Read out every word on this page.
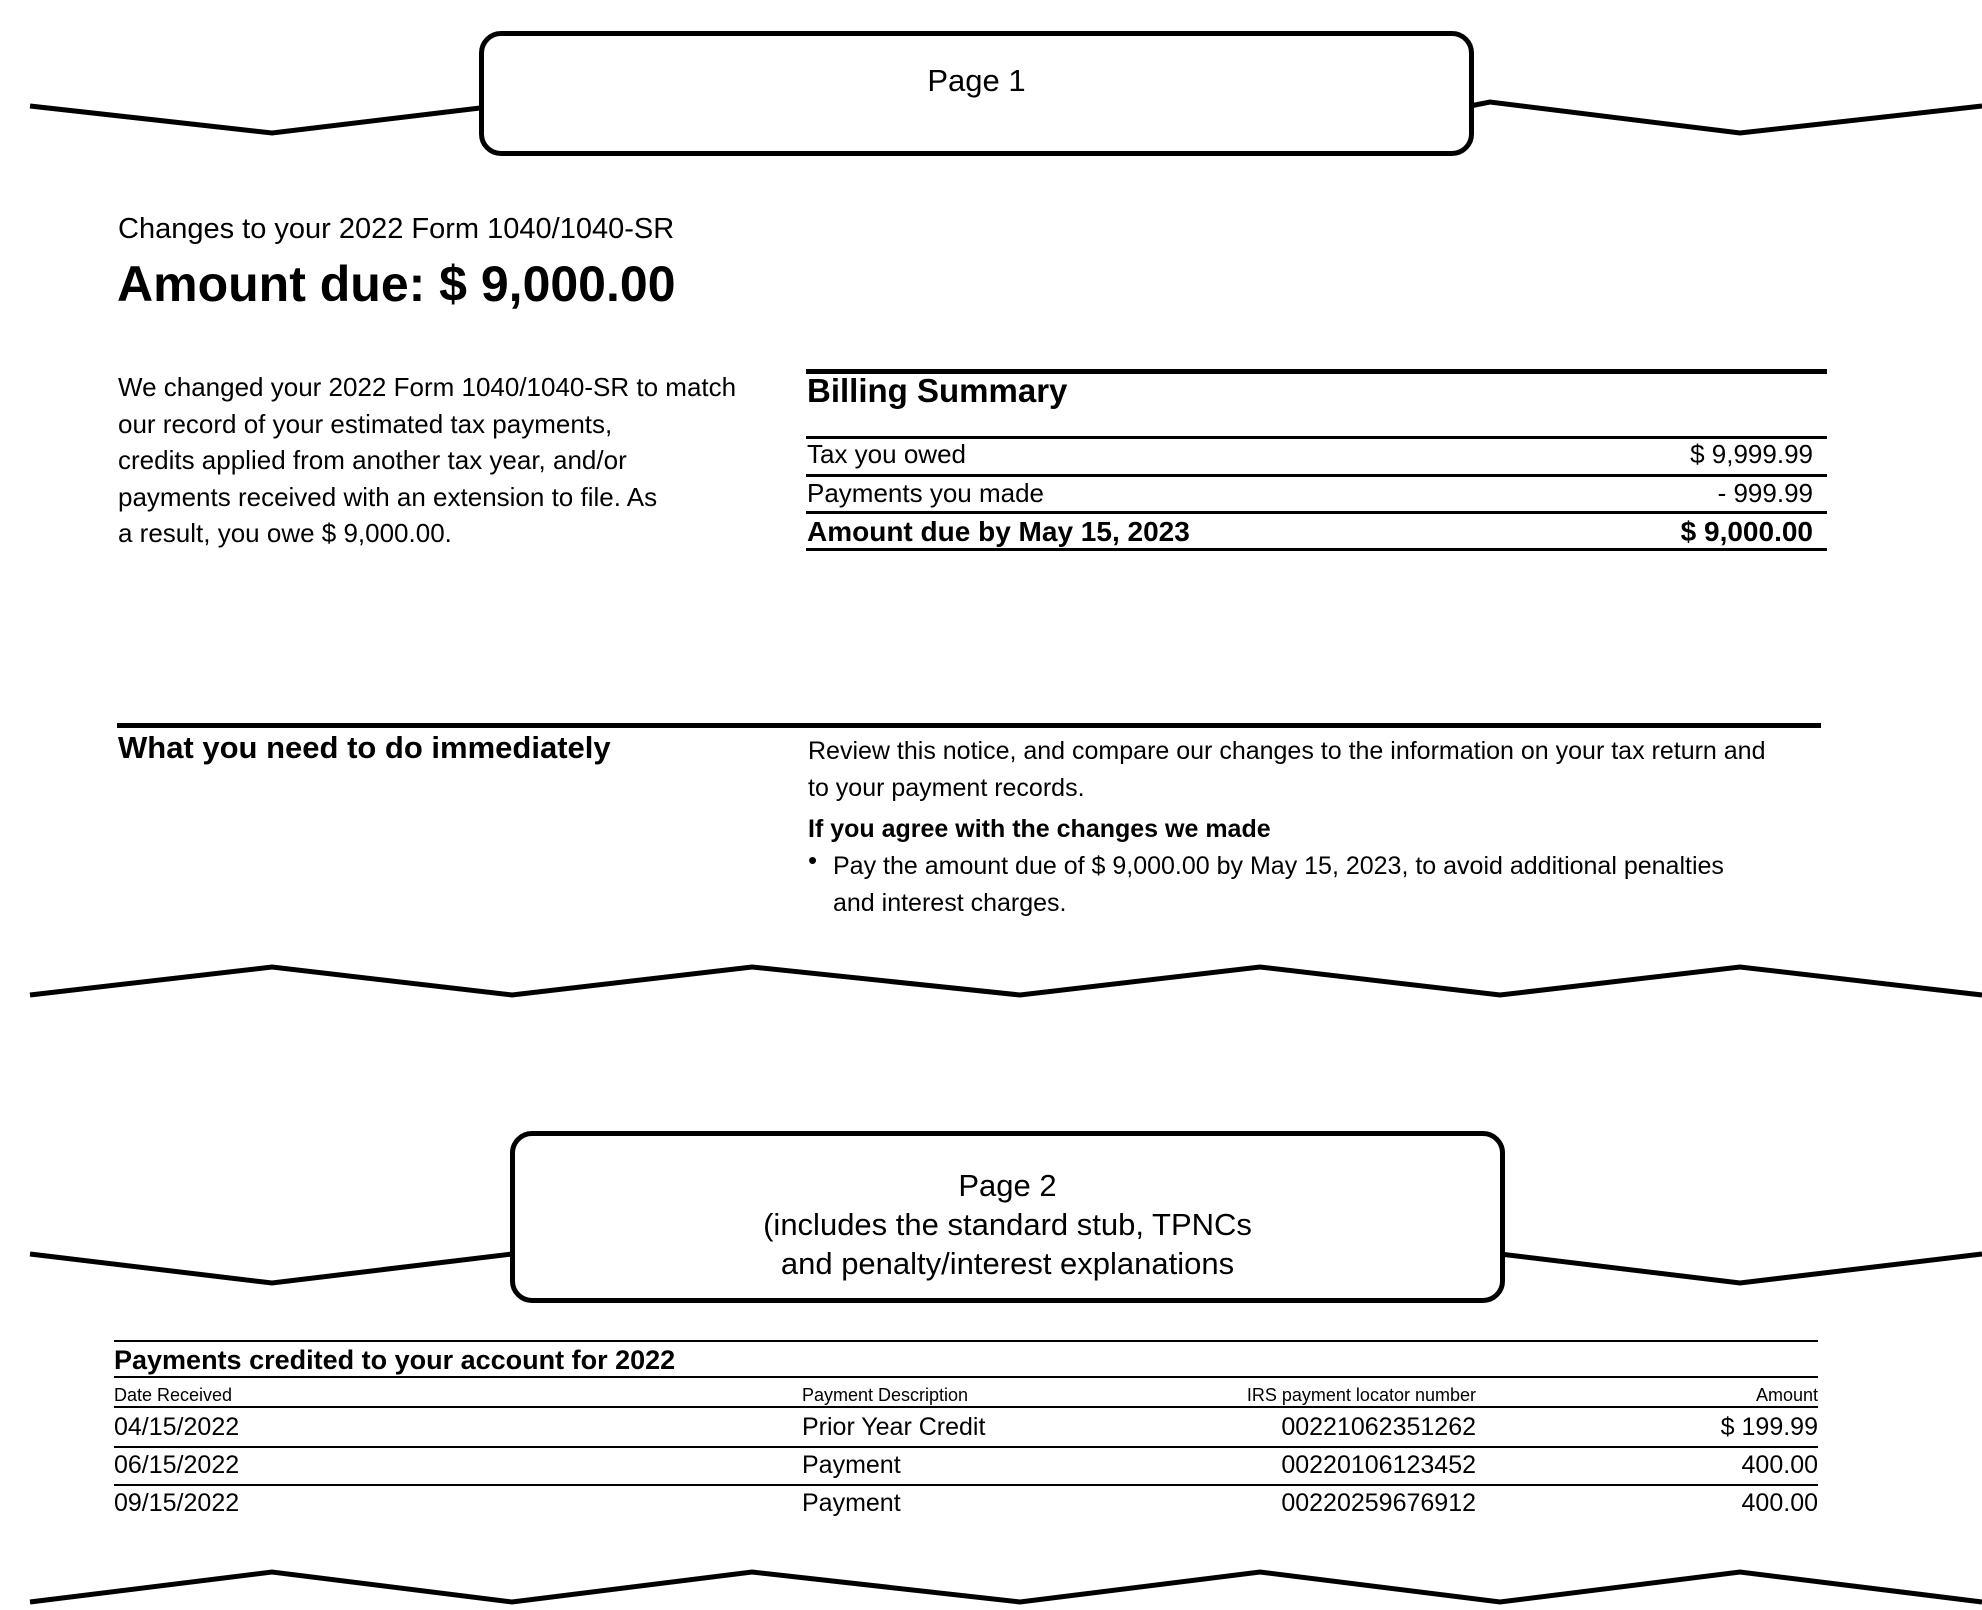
Page 1
Changes to your 2022 Form 1040/1040-SR
Amount due: $ 9,000.00
We changed your 2022 Form 1040/1040-SR to match
our record of your estimated tax payments,
credits applied from another tax year, and/or
payments received with an extension to file. As
a result, you owe $ 9,000.00.
Billing Summary
Tax you owed	$ 9,999.99
Payments you made	- 999.99
Amount due by May 15, 2023	$ 9,000.00
What you need to do immediately	Review this notice, and compare our changes to the information on your tax return and
to your payment records.
If you agree with the changes we made
• Pay the amount due of $ 9,000.00 by May 15, 2023, to avoid additional penalties
and interest charges.
Page 2
(includes the standard stub, TPNCs
and penalty/interest explanations
Payments credited to your account for 2022
Date Received	Payment Description	IRS payment locator number	Amount
04/15/2022	Prior Year Credit	00221062351262	$ 199.99
06/15/2022	Payment	00220106123452	400.00
09/15/2022	Payment	00220259676912	400.00
